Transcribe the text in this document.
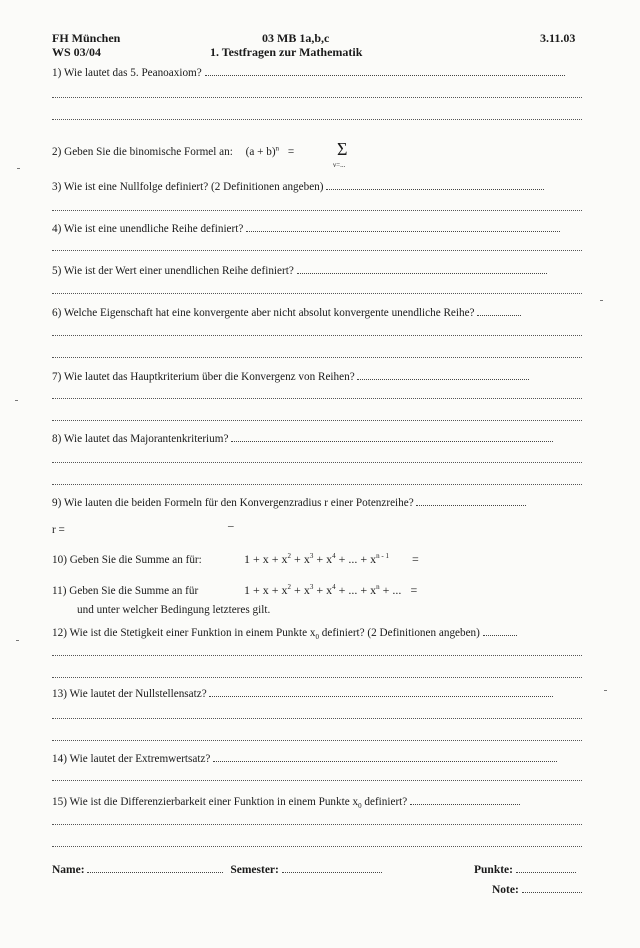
FH München
WS 03/04
03 MB 1a,b,c
1. Testfragen zur Mathematik
3.11.03
1) Wie lautet das 5. Peanoaxiom?
2) Geben Sie die binomische Formel an: $(a + b)^n = \Sigma$
ν=...
3) Wie ist eine Nullfolge definiert? (2 Definitionen angeben)
4) Wie ist eine unendliche Reihe definiert?
5) Wie ist der Wert einer unendlichen Reihe definiert?
6) Welche Eigenschaft hat eine konvergente aber nicht absolut konvergente unendliche Reihe?
7) Wie lautet das Hauptkriterium über die Konvergenz von Reihen?
8) Wie lautet das Majorantenkriterium?
9) Wie lauten die beiden Formeln für den Konvergenzradius r einer Potenzreihe?
r =	–
10) Geben Sie die Summe an für:	$1 + x + x^2 + x^3 + x^4$ + ... + $x^{n - 1}$ =
11) Geben Sie die Summe an für	$1 + x + x^2 + x^3 + x^4$ + ... + $x^n$ + ... =
und unter welcher Bedingung letzteres gilt.
12) Wie ist die Stetigkeit einer Funktion in einem Punkte $x_0$ definiert? (2 Definitionen angeben)
13) Wie lautet der Nullstellensatz?
14) Wie lautet der Extremwertsatz?
15) Wie ist die Differenzierbarkeit einer Funktion in einem Punkte $x_0$ definiert?
Name:	Semester:	Punkte:
Note:
